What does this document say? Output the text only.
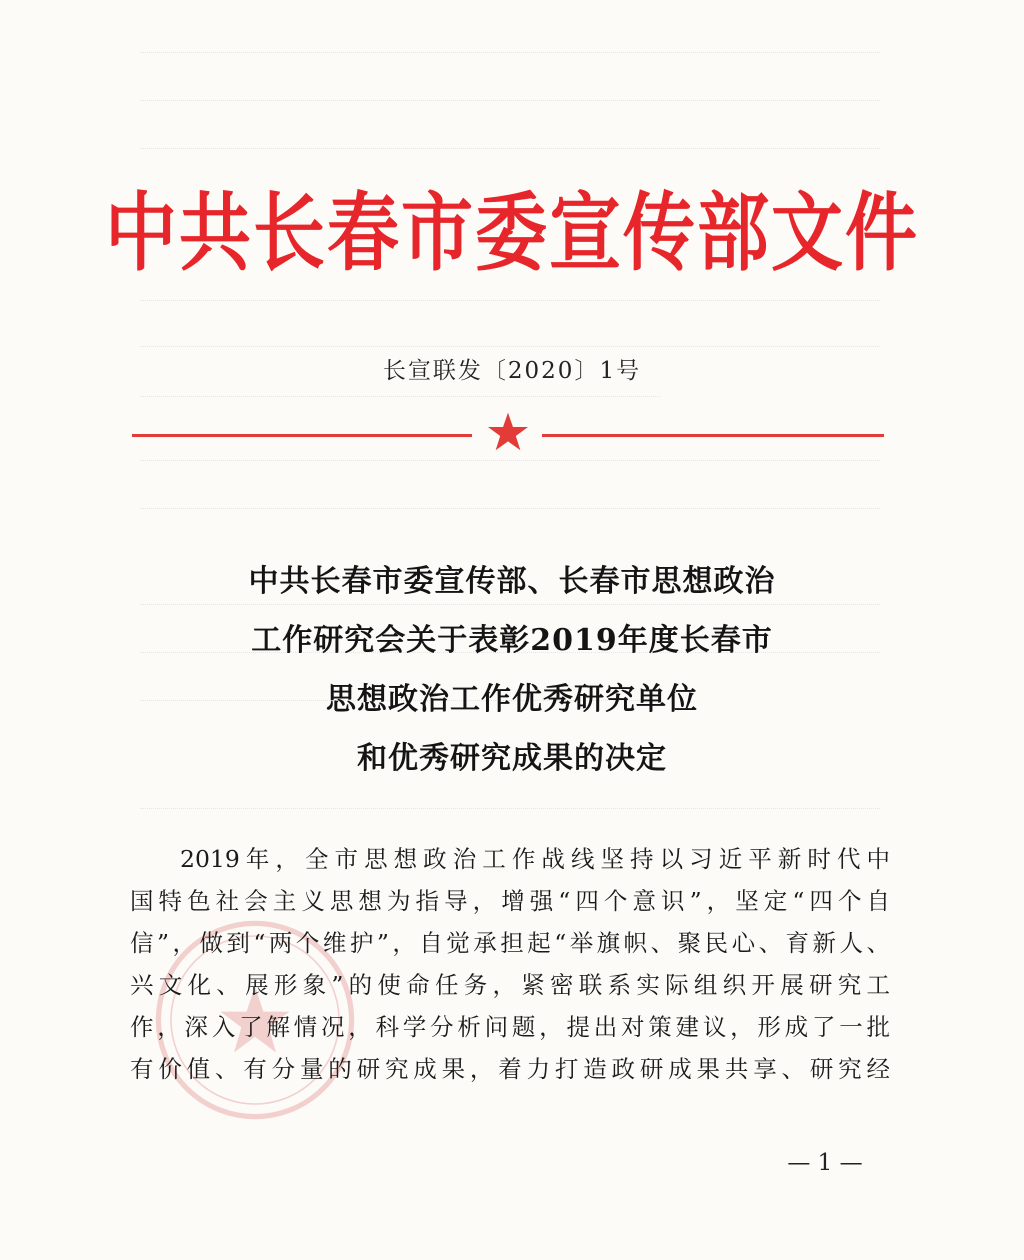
中共长春市委宣传部文件
长宣联发〔2020〕1号
中共长春市委宣传部、长春市思想政治
工作研究会关于表彰2019年度长春市
思想政治工作优秀研究单位
和优秀研究成果的决定
2019年，全市思想政治工作战线坚持以习近平新时代中
国特色社会主义思想为指导，增强“四个意识”，坚定“四个自
信”，做到“两个维护”，自觉承担起“举旗帜、聚民心、育新人、
兴文化、展形象”的使命任务，紧密联系实际组织开展研究工
作，深入了解情况，科学分析问题，提出对策建议，形成了一批
有价值、有分量的研究成果，着力打造政研成果共享、研究经
— 1 —
